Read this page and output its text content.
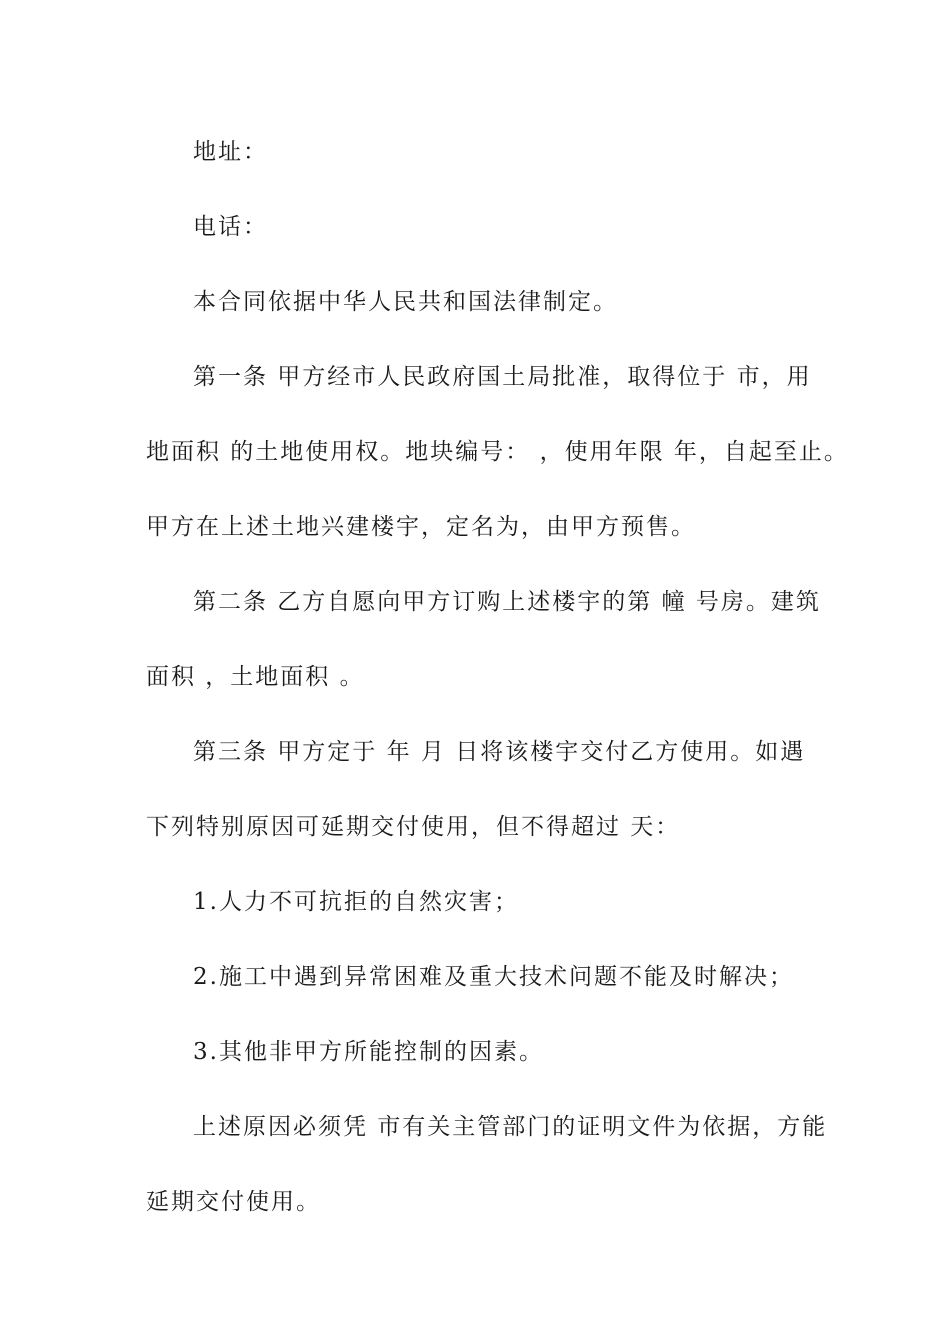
地址：
电话：
本合同依据中华人民共和国法律制定。
第一条 甲方经市人民政府国土局批准，取得位于 市，用
地面积 的土地使用权。地块编号： ，使用年限 年，自起至止。
甲方在上述土地兴建楼宇，定名为，由甲方预售。
第二条 乙方自愿向甲方订购上述楼宇的第 幢 号房。建筑
面积 ，土地面积 。
第三条 甲方定于 年 月 日将该楼宇交付乙方使用。如遇
下列特别原因可延期交付使用，但不得超过 天：
1.人力不可抗拒的自然灾害；
2.施工中遇到异常困难及重大技术问题不能及时解决；
3.其他非甲方所能控制的因素。
上述原因必须凭 市有关主管部门的证明文件为依据，方能
延期交付使用。
